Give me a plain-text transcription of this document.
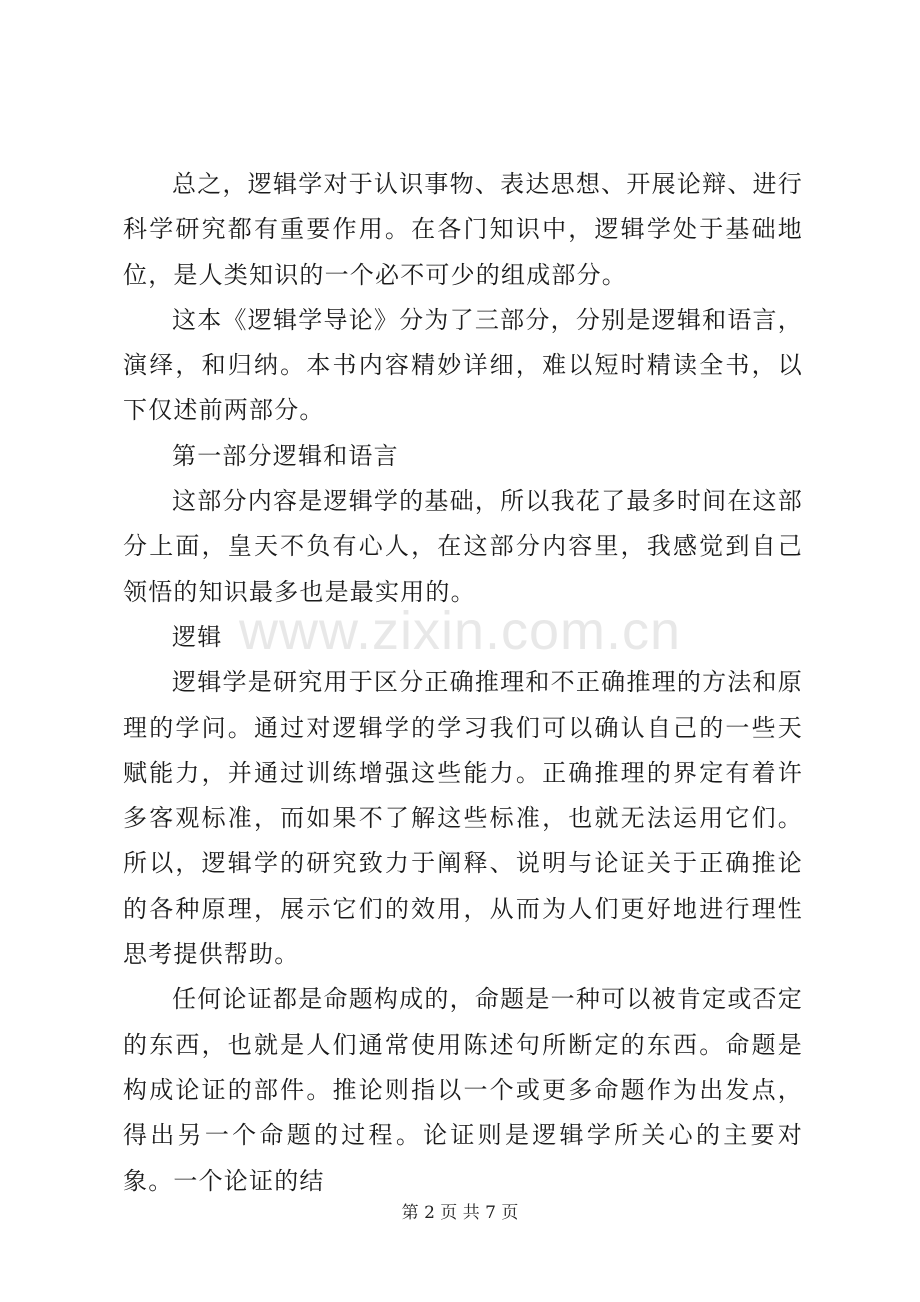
总之，逻辑学对于认识事物、表达思想、开展论辩、进行科学研究都有重要作用。在各门知识中，逻辑学处于基础地位，是人类知识的一个必不可少的组成部分。

这本《逻辑学导论》分为了三部分，分别是逻辑和语言，演绎，和归纳。本书内容精妙详细，难以短时精读全书，以下仅述前两部分。

第一部分逻辑和语言

这部分内容是逻辑学的基础，所以我花了最多时间在这部分上面，皇天不负有心人，在这部分内容里，我感觉到自己领悟的知识最多也是最实用的。

逻辑

逻辑学是研究用于区分正确推理和不正确推理的方法和原理的学问。通过对逻辑学的学习我们可以确认自己的一些天赋能力，并通过训练增强这些能力。正确推理的界定有着许多客观标准，而如果不了解这些标准，也就无法运用它们。所以，逻辑学的研究致力于阐释、说明与论证关于正确推论的各种原理，展示它们的效用，从而为人们更好地进行理性思考提供帮助。

任何论证都是命题构成的，命题是一种可以被肯定或否定的东西，也就是人们通常使用陈述句所断定的东西。命题是构成论证的部件。推论则指以一个或更多命题作为出发点，得出另一个命题的过程。论证则是逻辑学所关心的主要对象。一个论证的结

www.zixin.com.cn
第 2 页 共 7 页
